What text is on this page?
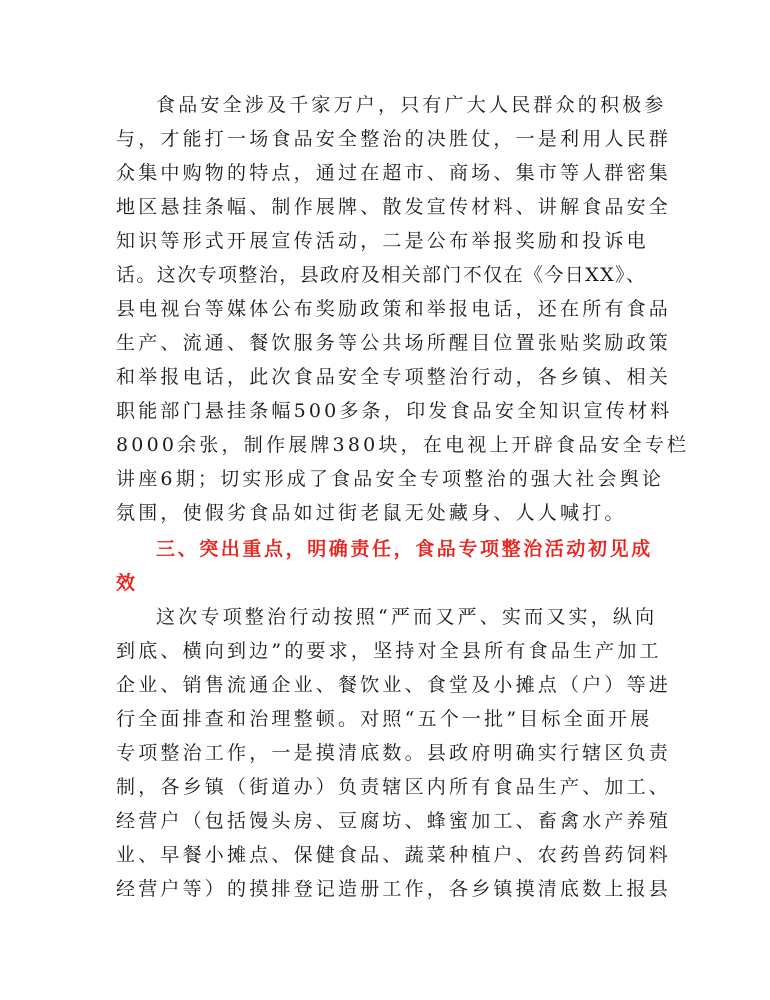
食品安全涉及千家万户，只有广大人民群众的积极参
与，才能打一场食品安全整治的决胜仗，一是利用人民群
众集中购物的特点，通过在超市、商场、集市等人群密集
地区悬挂条幅、制作展牌、散发宣传材料、讲解食品安全
知识等形式开展宣传活动，二是公布举报奖励和投诉电
话。这次专项整治，县政府及相关部门不仅在《今日XX》、
县电视台等媒体公布奖励政策和举报电话，还在所有食品
生产、流通、餐饮服务等公共场所醒目位置张贴奖励政策
和举报电话，此次食品安全专项整治行动，各乡镇、相关
职能部门悬挂条幅500多条，印发食品安全知识宣传材料
8000余张，制作展牌380块，在电视上开辟食品安全专栏
讲座6期；切实形成了食品安全专项整治的强大社会舆论
氛围，使假劣食品如过街老鼠无处藏身、人人喊打。
三、突出重点，明确责任，食品专项整治活动初见成
效
这次专项整治行动按照“严而又严、实而又实，纵向
到底、横向到边”的要求，坚持对全县所有食品生产加工
企业、销售流通企业、餐饮业、食堂及小摊点（户）等进
行全面排查和治理整顿。对照“五个一批”目标全面开展
专项整治工作，一是摸清底数。县政府明确实行辖区负责
制，各乡镇（街道办）负责辖区内所有食品生产、加工、
经营户（包括馒头房、豆腐坊、蜂蜜加工、畜禽水产养殖
业、早餐小摊点、保健食品、蔬菜种植户、农药兽药饲料
经营户等）的摸排登记造册工作，各乡镇摸清底数上报县
